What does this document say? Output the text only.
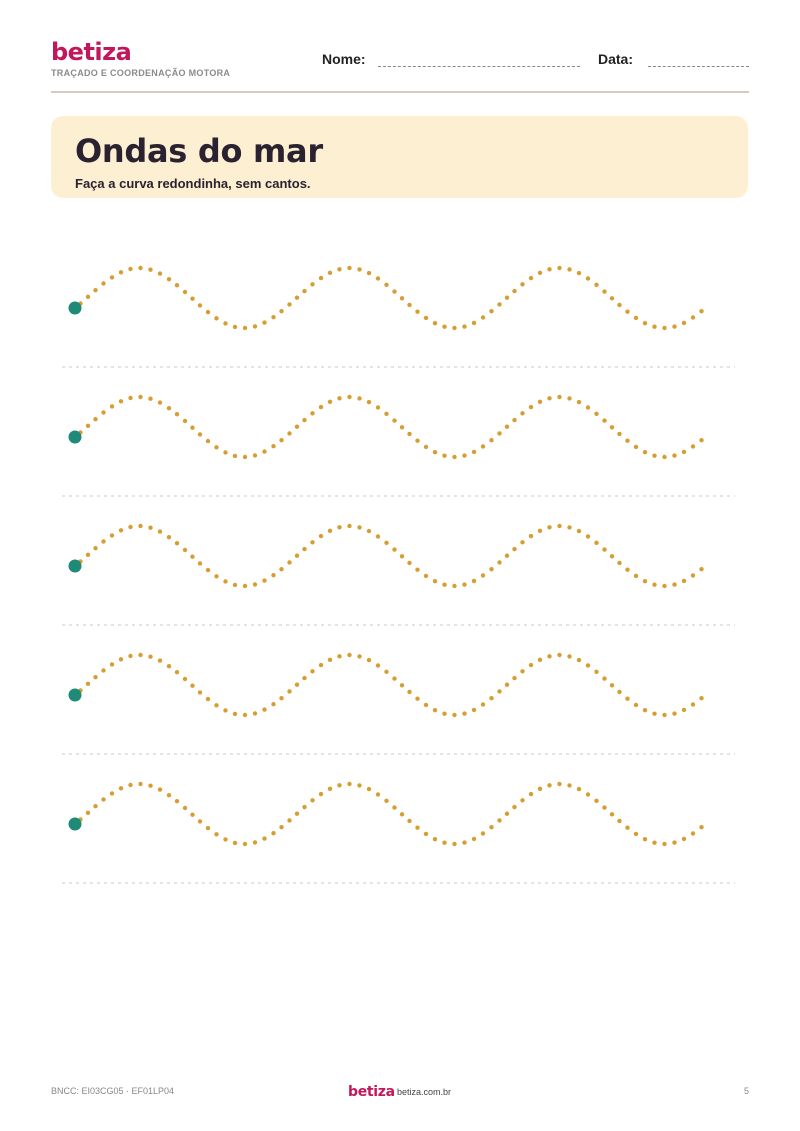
betiza
TRAÇADO E COORDENAÇÃO MOTORA
Nome:	Data:
Ondas do mar
Faça a curva redondinha, sem cantos.
BNCC: EI03CG05 · EF01LP04	betiza betiza.com.br	5
